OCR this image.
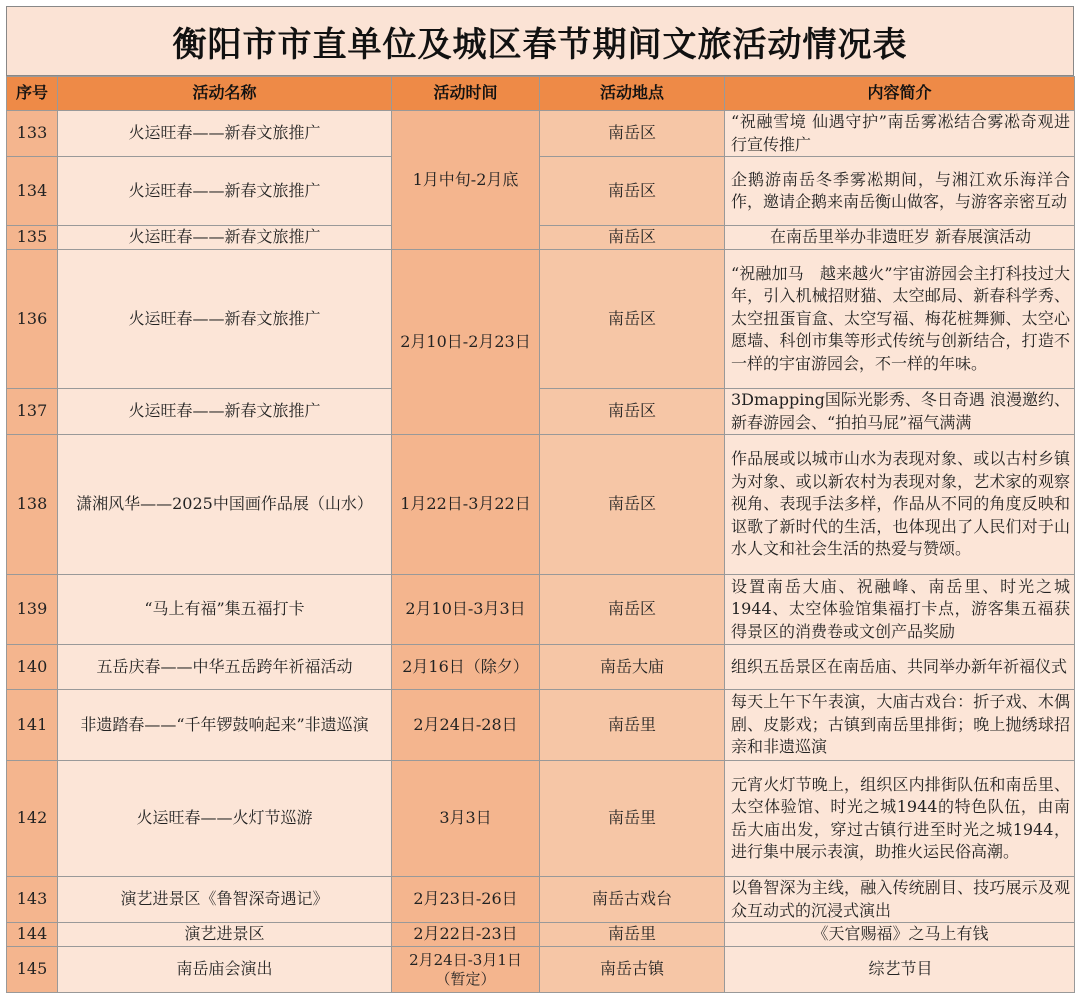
衡阳市市直单位及城区春节期间文旅活动情况表
序号	活动名称	活动时间	活动地点	内容简介
133	火运旺春——新春文旅推广	1月中旬-2月底	南岳区	“祝融雪境 仙遇守护”南岳雾凇结合雾凇奇观进行宣传推广
134	火运旺春——新春文旅推广		南岳区	企鹅游南岳冬季雾凇期间，与湘江欢乐海洋合作，邀请企鹅来南岳衡山做客，与游客亲密互动
135	火运旺春——新春文旅推广		南岳区	在南岳里举办非遗旺岁 新春展演活动
136	火运旺春——新春文旅推广	2月10日-2月23日	南岳区	“祝融加马　越来越火”宇宙游园会主打科技过大年，引入机械招财猫、太空邮局、新春科学秀、太空扭蛋盲盒、太空写福、梅花桩舞狮、太空心愿墙、科创市集等形式传统与创新结合，打造不一样的宇宙游园会，不一样的年味。
137	火运旺春——新春文旅推广		南岳区	3Dmapping国际光影秀、冬日奇遇 浪漫邀约、新春游园会、“拍拍马屁”福气满满
138	潇湘风华——2025中国画作品展（山水）	1月22日-3月22日	南岳区	作品展或以城市山水为表现对象、或以古村乡镇为对象、或以新农村为表现对象，艺术家的观察视角、表现手法多样，作品从不同的角度反映和讴歌了新时代的生活，也体现出了人民们对于山水人文和社会生活的热爱与赞颂。
139	“马上有福”集五福打卡	2月10日-3月3日	南岳区	设置南岳大庙、祝融峰、南岳里、时光之城1944、太空体验馆集福打卡点，游客集五福获得景区的消费卷或文创产品奖励
140	五岳庆春——中华五岳跨年祈福活动	2月16日（除夕）	南岳大庙	组织五岳景区在南岳庙、共同举办新年祈福仪式
141	非遗踏春——“千年锣鼓响起来”非遗巡演	2月24日-28日	南岳里	每天上午下午表演，大庙古戏台：折子戏、木偶剧、皮影戏；古镇到南岳里排街；晚上抛绣球招亲和非遗巡演
142	火运旺春——火灯节巡游	3月3日	南岳里	元宵火灯节晚上，组织区内排街队伍和南岳里、太空体验馆、时光之城1944的特色队伍，由南岳大庙出发，穿过古镇行进至时光之城1944，进行集中展示表演，助推火运民俗高潮。
143	演艺进景区《鲁智深奇遇记》	2月23日-26日	南岳古戏台	以鲁智深为主线，融入传统剧目、技巧展示及观众互动式的沉浸式演出
144	演艺进景区	2月22日-23日	南岳里	《天官赐福》之马上有钱
145	南岳庙会演出	2月24日-3月1日（暂定）	南岳古镇	综艺节目
